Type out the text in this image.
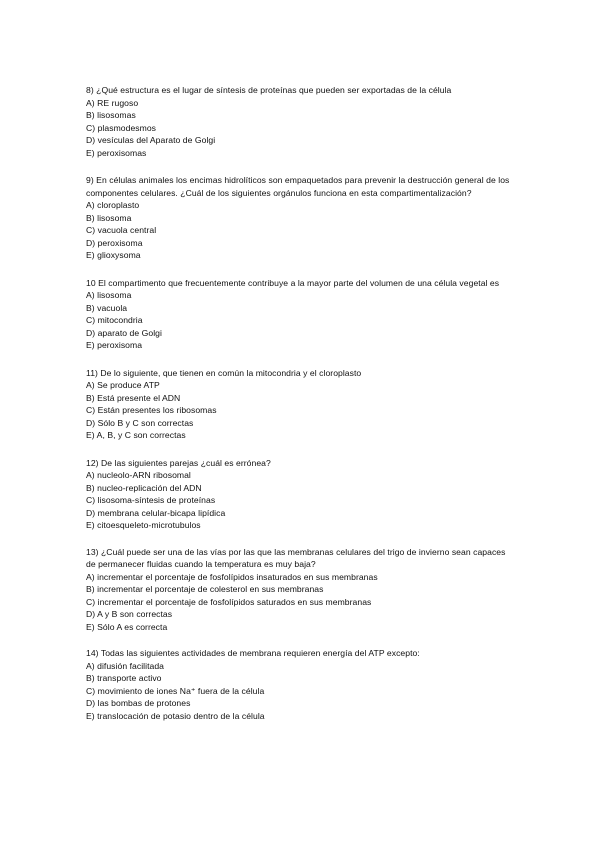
8) ¿Qué estructura es el lugar de síntesis de proteínas que pueden ser exportadas de la célula

A) RE rugoso
B) lisosomas
C) plasmodesmos
D) vesículas del Aparato de Golgi
E) peroxisomas

9) En células animales los encimas hidrolíticos son empaquetados para prevenir la destrucción general de los componentes celulares. ¿Cuál de los siguientes orgánulos funciona en esta compartimentalización?

A) cloroplasto
B) lisosoma
C) vacuola central
D) peroxisoma
E) glioxysoma

10 El compartimento que frecuentemente contribuye a la mayor parte del volumen de una célula vegetal es

A) lisosoma
B) vacuola
C) mitocondria
D) aparato de Golgi
E) peroxisoma

11) De lo siguiente, que tienen en común la mitocondria y el cloroplasto

A) Se produce ATP
B) Está presente el ADN
C) Están presentes los ribosomas
D) Sólo B y C son correctas
E) A, B, y C son correctas

12) De las siguientes parejas ¿cuál es errónea?

A) nucleolo-ARN ribosomal
B) nucleo-replicación del ADN
C) lisosoma-síntesis de proteínas
D) membrana celular-bicapa lipídica
E) citoesqueleto-microtubulos

13) ¿Cuál puede ser una de las vías por las que las membranas celulares del trigo de invierno sean capaces de permanecer fluidas cuando la temperatura es muy baja?

A) incrementar el porcentaje de fosfolípidos insaturados en sus membranas
B) incrementar el porcentaje de colesterol en sus membranas
C) incrementar el porcentaje de fosfolípidos saturados en sus membranas
D) A y B son correctas
E) Sólo A es correcta

14) Todas las siguientes actividades de membrana requieren energía del ATP excepto:

A) difusión facilitada
B) transporte activo
C) movimiento de iones Na⁺ fuera de la célula
D) las bombas de protones
E) translocación de potasio dentro de la célula
